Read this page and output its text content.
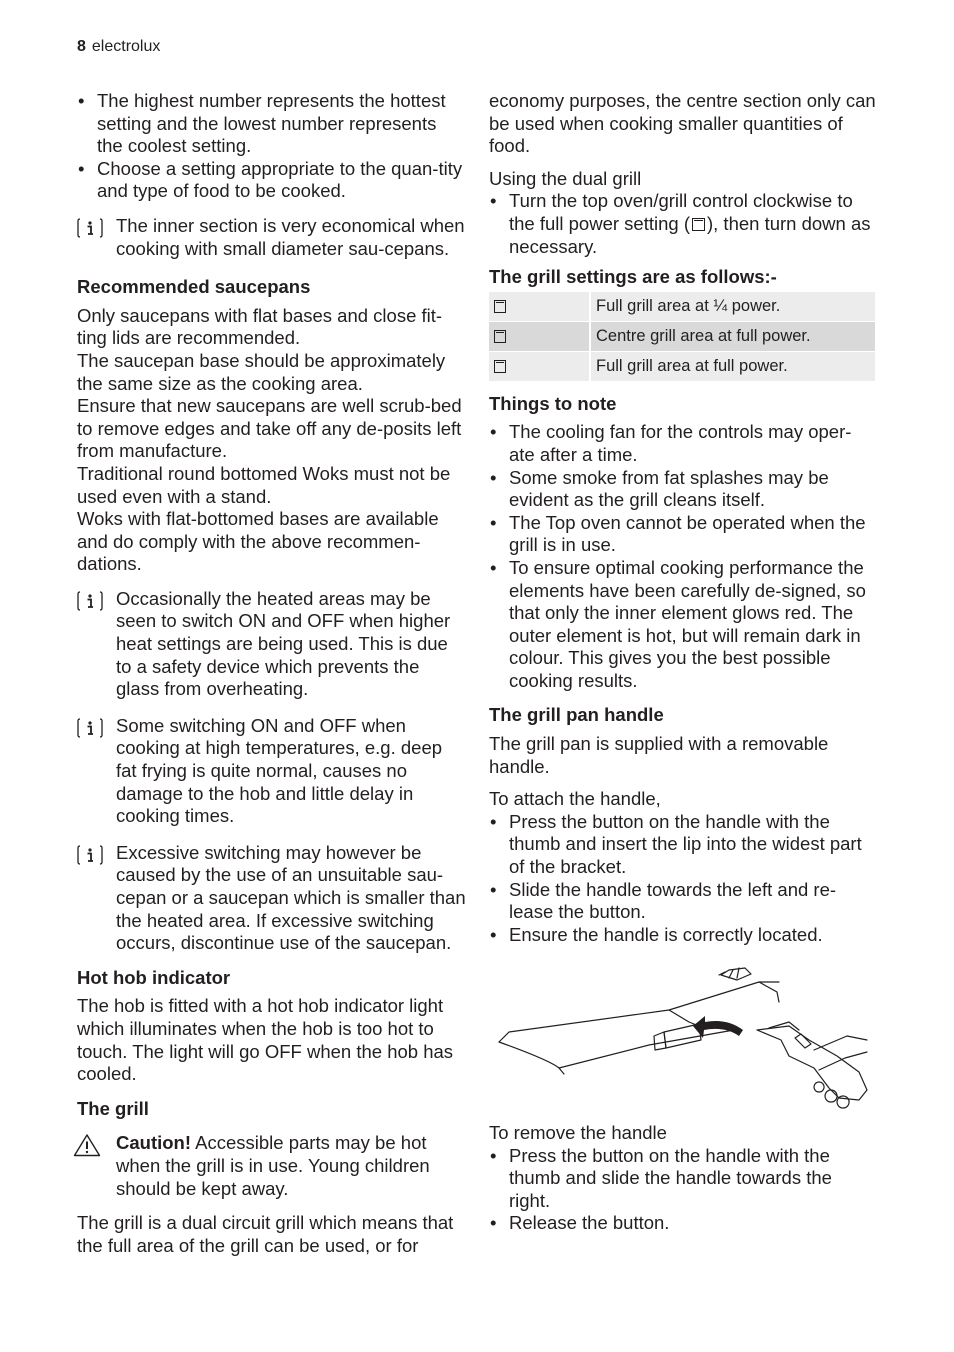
8 electrolux
• The highest number represents the hottest setting and the lowest number represents the coolest setting.
• Choose a setting appropriate to the quan-tity and type of food to be cooked.

The inner section is very economical when cooking with small diameter sau-cepans.

Recommended saucepans

Only saucepans with flat bases and close fit-ting lids are recommended.

The saucepan base should be approximately the same size as the cooking area.

Ensure that new saucepans are well scrub-bed to remove edges and take off any de-posits left from manufacture.

Traditional round bottomed Woks must not be used even with a stand.

Woks with flat-bottomed bases are available and do comply with the above recommen-dations.

Occasionally the heated areas may be seen to switch ON and OFF when higher heat settings are being used. This is due to a safety device which prevents the glass from overheating.

Some switching ON and OFF when cooking at high temperatures, e.g. deep fat frying is quite normal, causes no damage to the hob and little delay in cooking times.

Excessive switching may however be caused by the use of an unsuitable sau-cepan or a saucepan which is smaller than the heated area. If excessive switching occurs, discontinue use of the saucepan.

Hot hob indicator

The hob is fitted with a hot hob indicator light which illuminates when the hob is too hot to touch. The light will go OFF when the hob has cooled.

The grill

Caution! Accessible parts may be hot when the grill is in use. Young children should be kept away.

The grill is a dual circuit grill which means that the full area of the grill can be used, or for

economy purposes, the centre section only can be used when cooking smaller quantities of food.

Using the dual grill
• Turn the top oven/grill control clockwise to the full power setting ( ), then turn down as necessary.
The grill settings are as follows:-
	Full grill area at ¼ power.
	Centre grill area at full power.
	Full grill area at full power.
Things to note
• The cooling fan for the controls may oper-ate after a time.
• Some smoke from fat splashes may be evident as the grill cleans itself.
• The Top oven cannot be operated when the grill is in use.
• To ensure optimal cooking performance the elements have been carefully de-signed, so that only the inner element glows red. The outer element is hot, but will remain dark in colour. This gives you the best possible cooking results.
The grill pan handle

The grill pan is supplied with a removable handle.

To attach the handle,
• Press the button on the handle with the thumb and insert the lip into the widest part of the bracket.
• Slide the handle towards the left and re-lease the button.
• Ensure the handle is correctly located.
To remove the handle
• Press the button on the handle with the thumb and slide the handle towards the right.
• Release the button.
